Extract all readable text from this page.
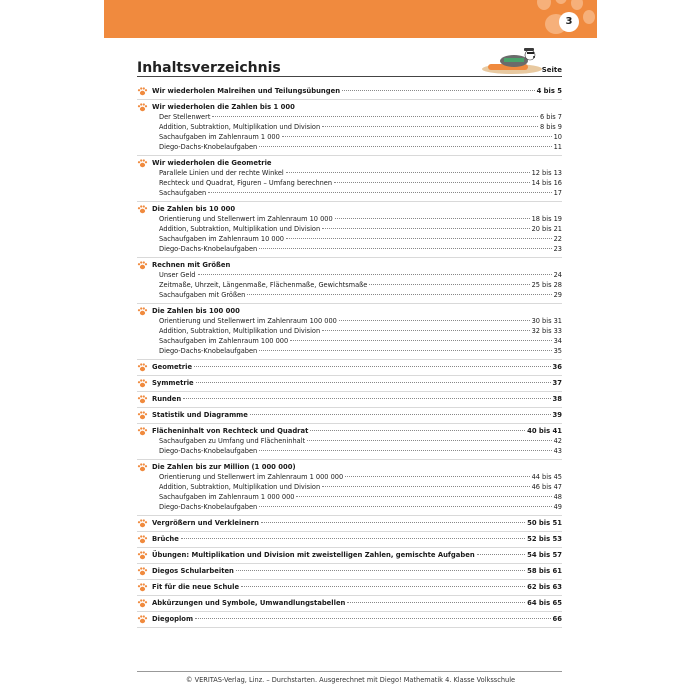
3
Inhaltsverzeichnis	Seite
Wir wiederholen Malreihen und Teilungsübungen	4 bis 5
Wir wiederholen die Zahlen bis 1 000
Der Stellenwert	6 bis 7
Addition, Subtraktion, Multiplikation und Division	8 bis 9
Sachaufgaben im Zahlenraum 1 000	10
Diego-Dachs-Knobelaufgaben	11
Wir wiederholen die Geometrie
Parallele Linien und der rechte Winkel	12 bis 13
Rechteck und Quadrat, Figuren – Umfang berechnen	14 bis 16
Sachaufgaben	17
Die Zahlen bis 10 000
Orientierung und Stellenwert im Zahlenraum 10 000	18 bis 19
Addition, Subtraktion, Multiplikation und Division	20 bis 21
Sachaufgaben im Zahlenraum 10 000	22
Diego-Dachs-Knobelaufgaben	23
Rechnen mit Größen
Unser Geld	24
Zeitmaße, Uhrzeit, Längenmaße, Flächenmaße, Gewichtsmaße	25 bis 28
Sachaufgaben mit Größen	29
Die Zahlen bis 100 000
Orientierung und Stellenwert im Zahlenraum 100 000	30 bis 31
Addition, Subtraktion, Multiplikation und Division	32 bis 33
Sachaufgaben im Zahlenraum 100 000	34
Diego-Dachs-Knobelaufgaben	35
Geometrie	36
Symmetrie	37
Runden	38
Statistik und Diagramme	39
Flächeninhalt von Rechteck und Quadrat	40 bis 41
Sachaufgaben zu Umfang und Flächeninhalt	42
Diego-Dachs-Knobelaufgaben	43
Die Zahlen bis zur Million (1 000 000)
Orientierung und Stellenwert im Zahlenraum 1 000 000	44 bis 45
Addition, Subtraktion, Multiplikation und Division	46 bis 47
Sachaufgaben im Zahlenraum 1 000 000	48
Diego-Dachs-Knobelaufgaben	49
Vergrößern und Verkleinern	50 bis 51
Brüche	52 bis 53
Übungen: Multiplikation und Division mit zweistelligen Zahlen, gemischte Aufgaben	54 bis 57
Diegos Schularbeiten	58 bis 61
Fit für die neue Schule	62 bis 63
Abkürzungen und Symbole, Umwandlungstabellen	64 bis 65
Diegoplom	66
© VERITAS-Verlag, Linz. – Durchstarten. Ausgerechnet mit Diego! Mathematik 4. Klasse Volksschule
